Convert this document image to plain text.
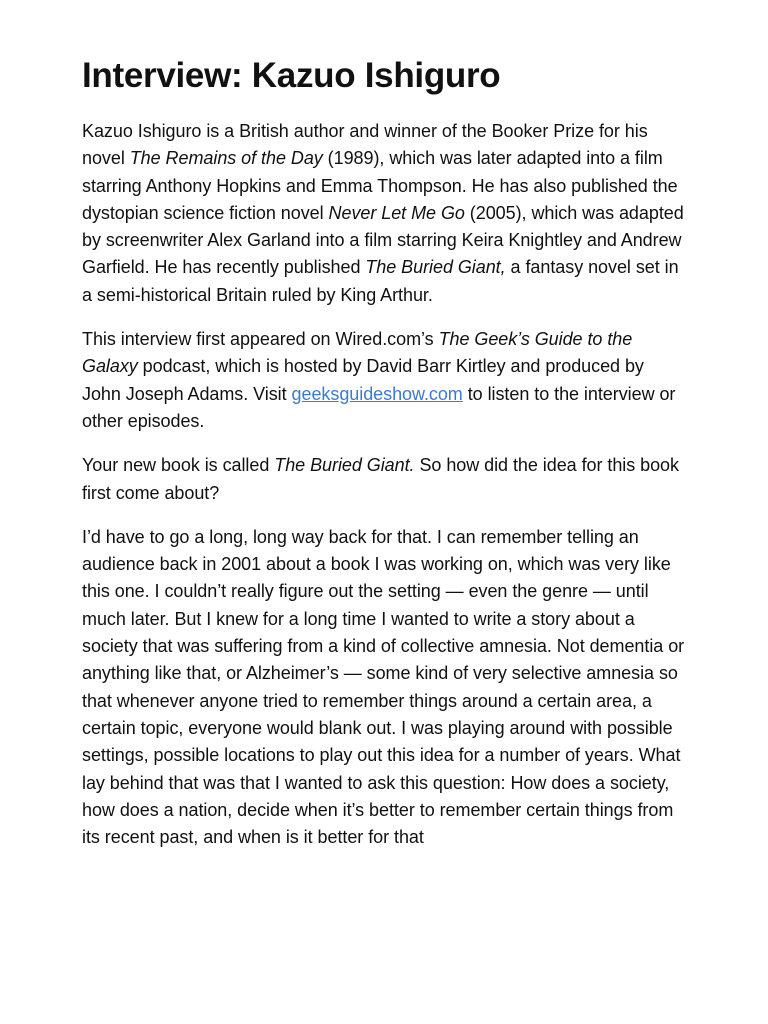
Interview: Kazuo Ishiguro

Kazuo Ishiguro is a British author and winner of the Booker Prize for his novel The Remains of the Day (1989), which was later adapted into a film starring Anthony Hopkins and Emma Thompson. He has also published the dystopian science fiction novel Never Let Me Go (2005), which was adapted by screenwriter Alex Garland into a film starring Keira Knightley and Andrew Garfield. He has recently published The Buried Giant, a fantasy novel set in a semi-historical Britain ruled by King Arthur.

This interview first appeared on Wired.com’s The Geek’s Guide to the Galaxy podcast, which is hosted by David Barr Kirtley and produced by John Joseph Adams. Visit geeksguideshow.com to listen to the interview or other episodes.

Your new book is called The Buried Giant. So how did the idea for this book first come about?

I’d have to go a long, long way back for that. I can remember telling an audience back in 2001 about a book I was working on, which was very like this one. I couldn’t really figure out the setting — even the genre — until much later. But I knew for a long time I wanted to write a story about a society that was suffering from a kind of collective amnesia. Not dementia or anything like that, or Alzheimer’s — some kind of very selective amnesia so that whenever anyone tried to remember things around a certain area, a certain topic, everyone would blank out. I was playing around with possible settings, possible locations to play out this idea for a number of years. What lay behind that was that I wanted to ask this question: How does a society, how does a nation, decide when it’s better to remember certain things from its recent past, and when is it better for that
